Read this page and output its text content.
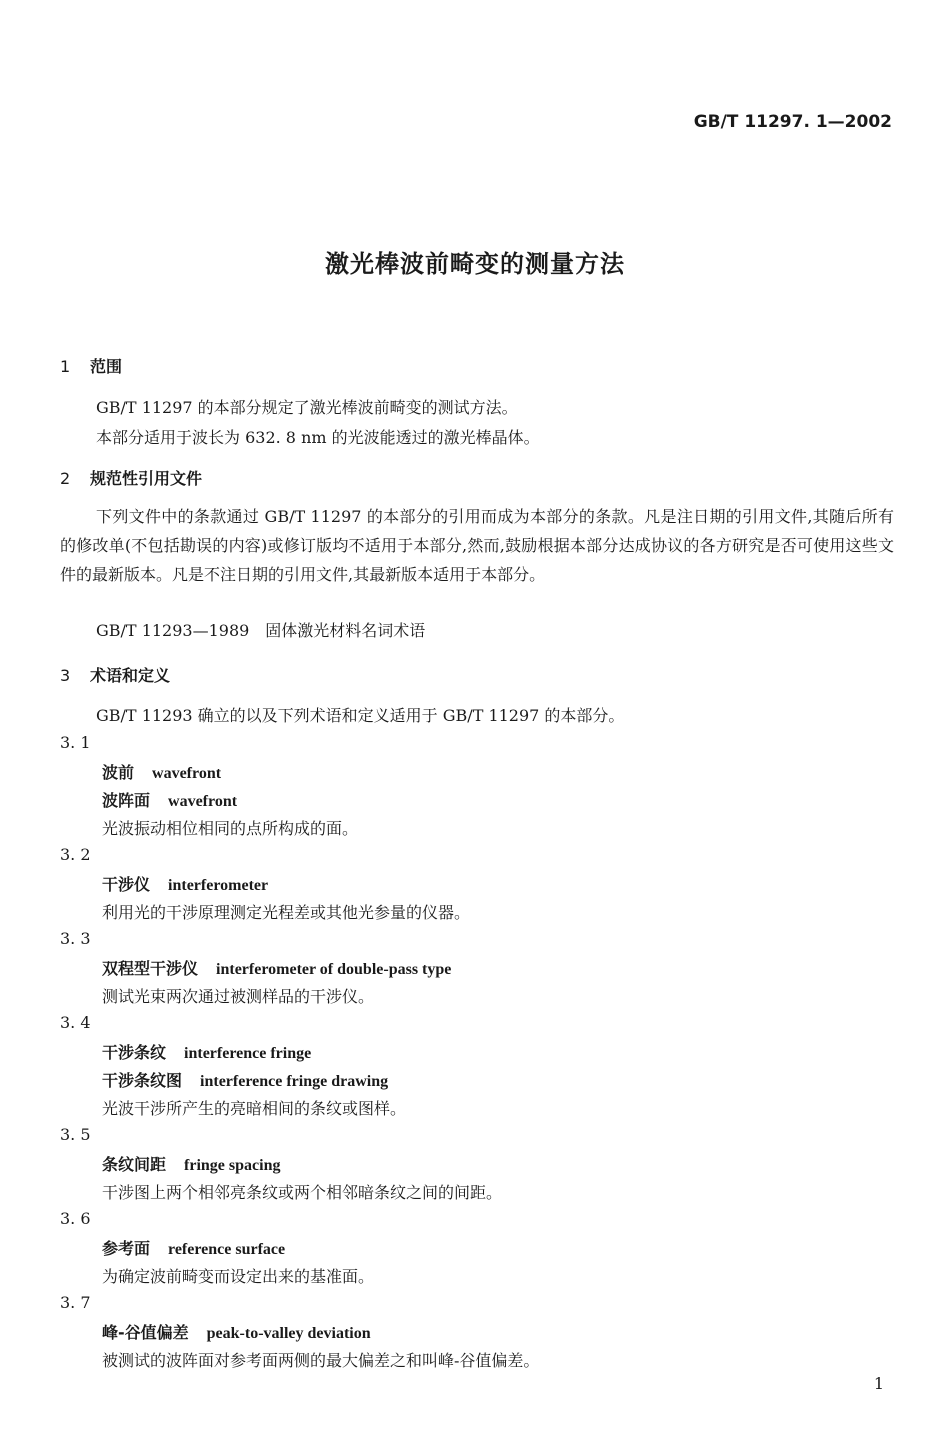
GB/T 11297. 1—2002
激光棒波前畸变的测量方法
1 范围
GB/T 11297 的本部分规定了激光棒波前畸变的测试方法。
本部分适用于波长为 632. 8 nm 的光波能透过的激光棒晶体。
2 规范性引用文件
下列文件中的条款通过 GB/T 11297 的本部分的引用而成为本部分的条款。凡是注日期的引用文件,其随后所有的修改单(不包括勘误的内容)或修订版均不适用于本部分,然而,鼓励根据本部分达成协议的各方研究是否可使用这些文件的最新版本。凡是不注日期的引用文件,其最新版本适用于本部分。
GB/T 11293—1989　固体激光材料名词术语
3 术语和定义
GB/T 11293 确立的以及下列术语和定义适用于 GB/T 11297 的本部分。
3. 1
波前 wavefront
波阵面 wavefront
光波振动相位相同的点所构成的面。
3. 2
干涉仪 interferometer
利用光的干涉原理测定光程差或其他光参量的仪器。
3. 3
双程型干涉仪 interferometer of double-pass type
测试光束两次通过被测样品的干涉仪。
3. 4
干涉条纹 interference fringe
干涉条纹图 interference fringe drawing
光波干涉所产生的亮暗相间的条纹或图样。
3. 5
条纹间距 fringe spacing
干涉图上两个相邻亮条纹或两个相邻暗条纹之间的间距。
3. 6
参考面 reference surface
为确定波前畸变而设定出来的基准面。
3. 7
峰-谷值偏差 peak-to-valley deviation
被测试的波阵面对参考面两侧的最大偏差之和叫峰-谷值偏差。
1
